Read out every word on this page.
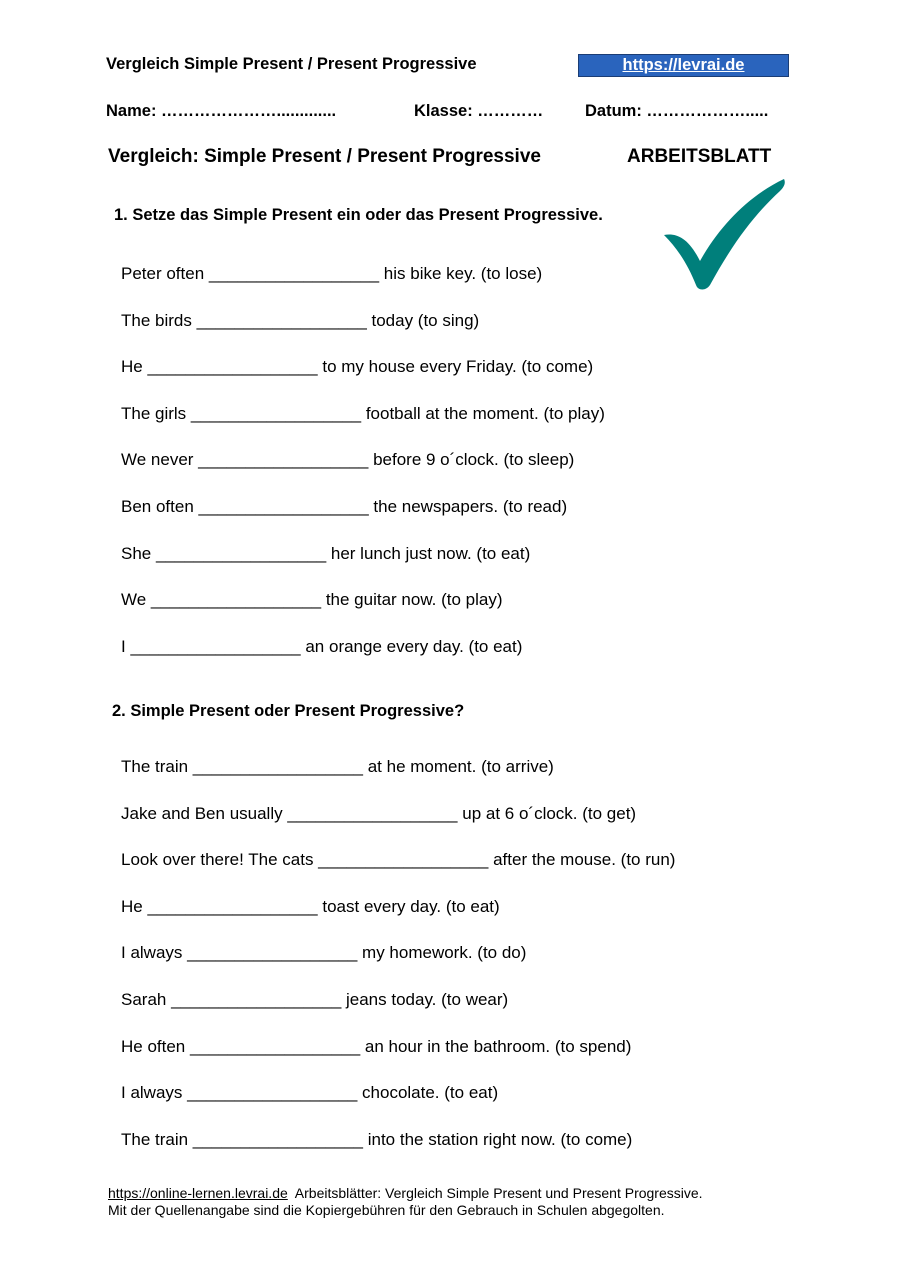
Vergleich Simple Present / Present Progressive	https://levrai.de
Name: ………………….............	Klasse: …………	Datum: ……………….....
Vergleich: Simple Present / Present Progressive	ARBEITSBLATT
1. Setze das Simple Present ein oder das Present Progressive.
Peter often __________________ his bike key. (to lose)
The birds __________________ today (to sing)
He __________________ to my house every Friday. (to come)
The girls __________________ football at the moment. (to play)
We never __________________ before 9 o´clock. (to sleep)
Ben often __________________ the newspapers. (to read)
She __________________ her lunch just now. (to eat)
We __________________ the guitar now. (to play)
I __________________ an orange every day. (to eat)
2. Simple Present oder Present Progressive?
The train __________________ at he moment. (to arrive)
Jake and Ben usually __________________ up at 6 o´clock. (to get)
Look over there! The cats __________________ after the mouse. (to run)
He __________________ toast every day. (to eat)
I always __________________ my homework. (to do)
Sarah __________________ jeans today. (to wear)
He often __________________ an hour in the bathroom. (to spend)
I always __________________ chocolate. (to eat)
The train __________________ into the station right now. (to come)
https://online-lernen.levrai.de  Arbeitsblätter: Vergleich Simple Present und Present Progressive.
Mit der Quellenangabe sind die Kopiergebühren für den Gebrauch in Schulen abgegolten.
